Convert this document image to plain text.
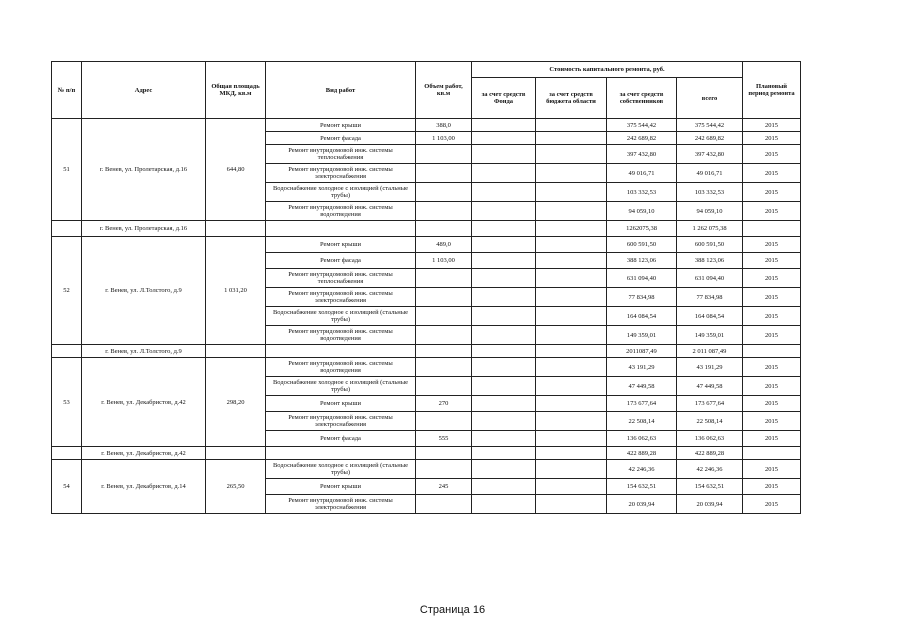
№ п/п	Адрес	Общая площадь МКД, кв.м	Вид работ	Объем работ, кв.м	Стоимость капитального ремонта, руб.				Плановый период ремонта
					за счет средств Фонда	за счет средств бюджета области	за счет средств собственников	всего	
51	г. Венев, ул. Пролетарская, д.16	644,80	Ремонт крыши	388,0			375 544,42	375 544,42	2015
			Ремонт фасада	1 103,00			242 689,82	242 689,82	2015
			Ремонт внутридомовой инж. системы теплоснабжения				397 432,80	397 432,80	2015
			Ремонт внутридомовой инж. системы электроснабжения				49 016,71	49 016,71	2015
			Водоснабжение холодное с изоляцией (стальные трубы)				103 332,53	103 332,53	2015
			Ремонт внутридомовой инж. системы водоотведения				94 059,10	94 059,10	2015
	г. Венев, ул. Пролетарская, д.16						1262075,38	1 262 075,38	
52	г. Венев, ул. Л.Толстого, д.9	1 031,20	Ремонт крыши	489,0			600 591,50	600 591,50	2015
			Ремонт фасада	1 103,00			388 123,06	388 123,06	2015
			Ремонт внутридомовой инж. системы теплоснабжения				631 094,40	631 094,40	2015
			Ремонт внутридомовой инж. системы электроснабжения				77 834,98	77 834,98	2015
			Водоснабжение холодное с изоляцией (стальные трубы)				164 084,54	164 084,54	2015
			Ремонт внутридомовой инж. системы водоотведения				149 359,01	149 359,01	2015
	г. Венев, ул. Л.Толстого, д.9						2011087,49	2 011 087,49	
53	г. Венев, ул. Декабристов, д.42	298,20	Ремонт внутридомовой инж. системы водоотведения				43 191,29	43 191,29	2015
			Водоснабжение холодное с изоляцией (стальные трубы)				47 449,58	47 449,58	2015
			Ремонт крыши	270			173 677,64	173 677,64	2015
			Ремонт внутридомовой инж. системы электроснабжения				22 508,14	22 508,14	2015
			Ремонт фасада	555			136 062,63	136 062,63	2015
	г. Венев, ул. Декабристов, д.42						422 889,28	422 889,28	
54	г. Венев, ул. Декабристов, д.14	265,50	Водоснабжение холодное с изоляцией (стальные трубы)				42 246,36	42 246,36	2015
			Ремонт крыши	245			154 632,51	154 632,51	2015
			Ремонт внутридомовой инж. системы электроснабжения				20 039,94	20 039,94	2015
Страница 16
